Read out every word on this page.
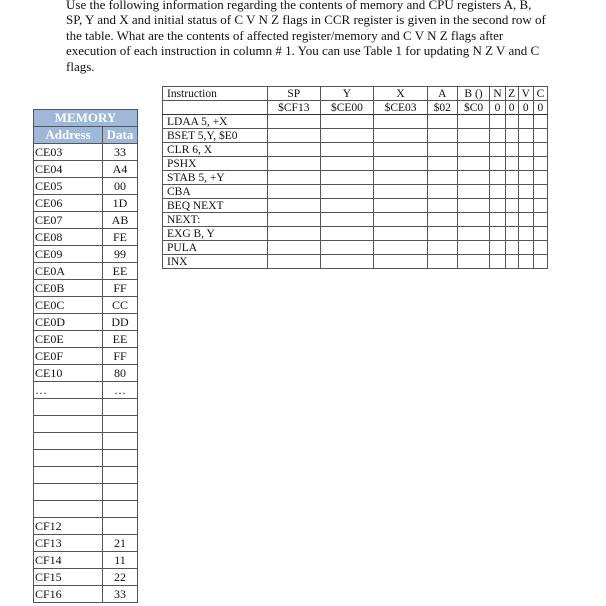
Use the following information regarding the contents of memory and CPU registers A, B, SP, Y and X and initial status of C V N Z flags in CCR register is given in the second row of the table. What are the contents of affected register/memory and C V N Z flags after execution of each instruction in column # 1. You can use Table 1 for updating N Z V and C flags.

MEMORY	
Address	Data
CE03	33
CE04	A4
CE05	00
CE06	1D
CE07	AB
CE08	FE
CE09	99
CE0A	EE
CE0B	FF
CE0C	CC
CE0D	DD
CE0E	EE
CE0F	FF
CE10	80
…	…

CF12	
CF13	21
CF14	11
CF15	22
CF16	33
Instruction	SP	Y	X	A	B ()	N	Z	V	C
	$CF13	$CE00	$CE03	$02	$C0	0	0	0	0
LDAA 5, +X									
BSET 5,Y, $E0									
CLR 6, X									
PSHX									
STAB 5, +Y									
CBA									
BEQ NEXT									
NEXT:									
EXG B, Y									
PULA									
INX									
